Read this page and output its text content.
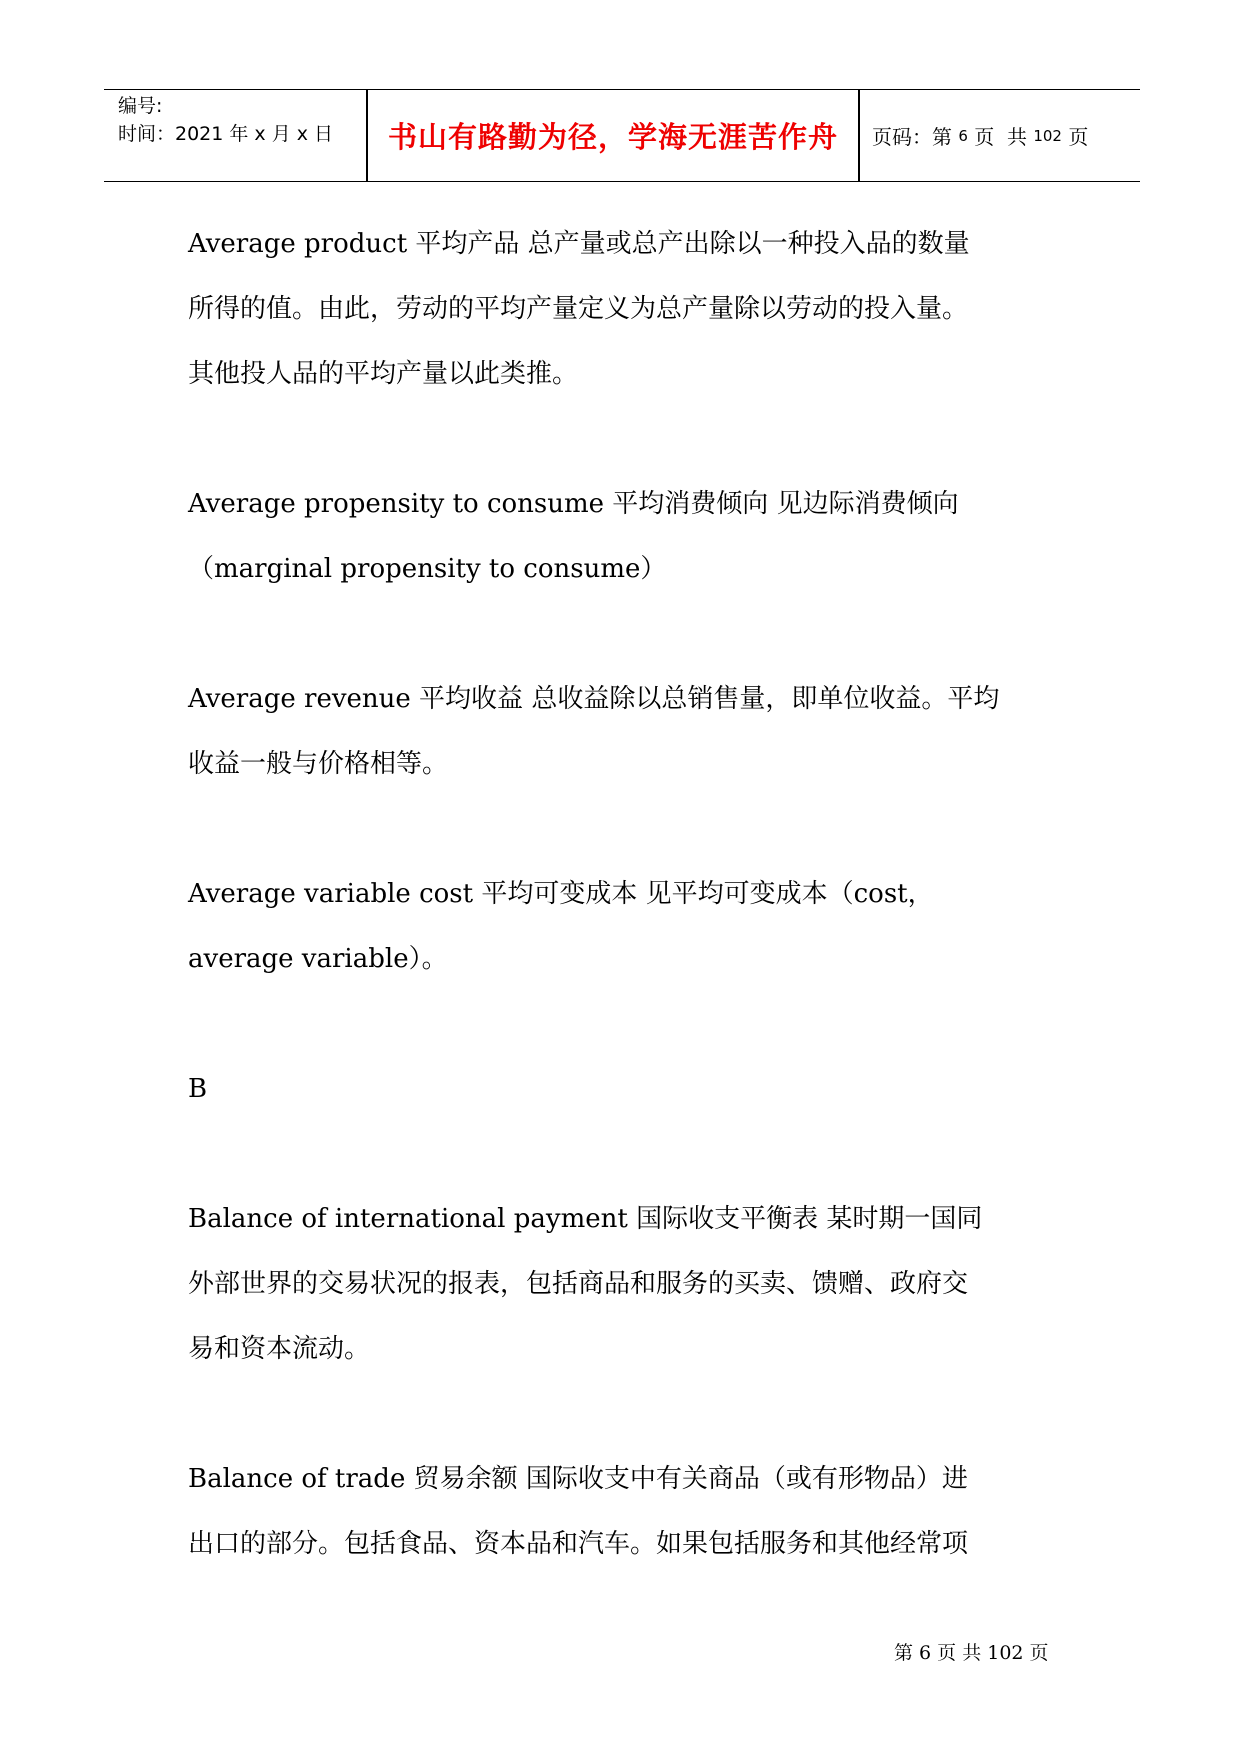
编号:
时间：2021 年 x 月 x 日	书山有路勤为径，学海无涯苦作舟	页码：第 6 页  共 102 页
Average product 平均产品 总产量或总产出除以一种投入品的数量
所得的值。由此，劳动的平均产量定义为总产量除以劳动的投入量。
其他投人品的平均产量以此类推。
Average propensity to consume 平均消费倾向 见边际消费倾向
（marginal propensity to consume）
Average revenue 平均收益 总收益除以总销售量，即单位收益。平均
收益一般与价格相等。
Average variable cost 平均可变成本 见平均可变成本（cost，
average variable）。
B
Balance of international payment 国际收支平衡表 某时期一国同
外部世界的交易状况的报表，包括商品和服务的买卖、馈赠、政府交
易和资本流动。
Balance of trade 贸易余额 国际收支中有关商品（或有形物品）进
出口的部分。包括食品、资本品和汽车。如果包括服务和其他经常项
第 6 页 共 102 页
